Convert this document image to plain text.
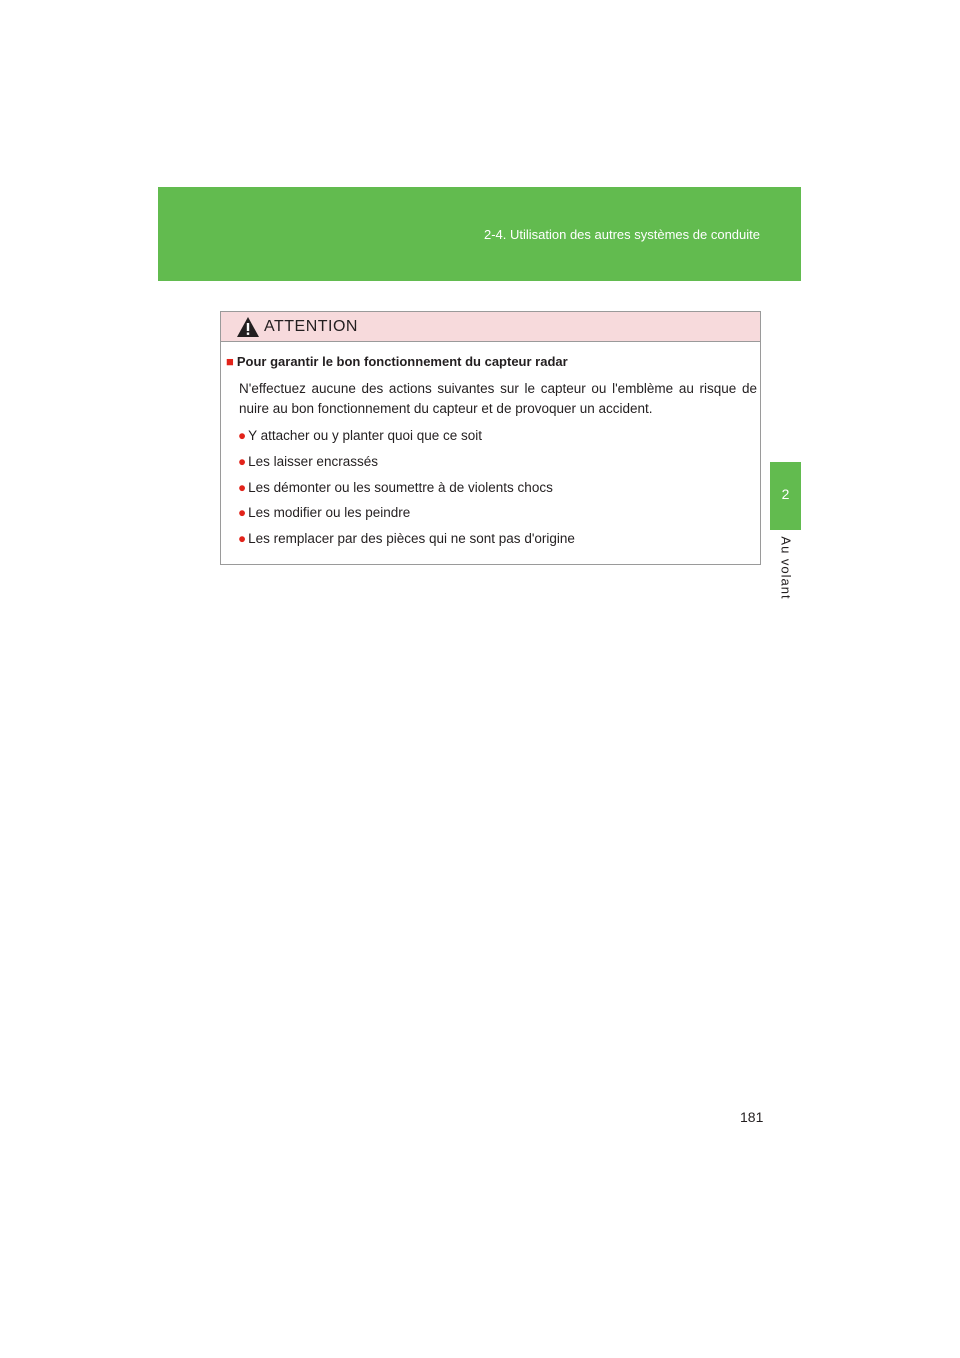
2-4. Utilisation des autres systèmes de conduite
2
Au volant
ATTENTION
■ Pour garantir le bon fonctionnement du capteur radar
N'effectuez aucune des actions suivantes sur le capteur ou l'emblème au risque de nuire au bon fonctionnement du capteur et de provoquer un accident.
● Y attacher ou y planter quoi que ce soit
● Les laisser encrassés
● Les démonter ou les soumettre à de violents chocs
● Les modifier ou les peindre
● Les remplacer par des pièces qui ne sont pas d'origine
181
